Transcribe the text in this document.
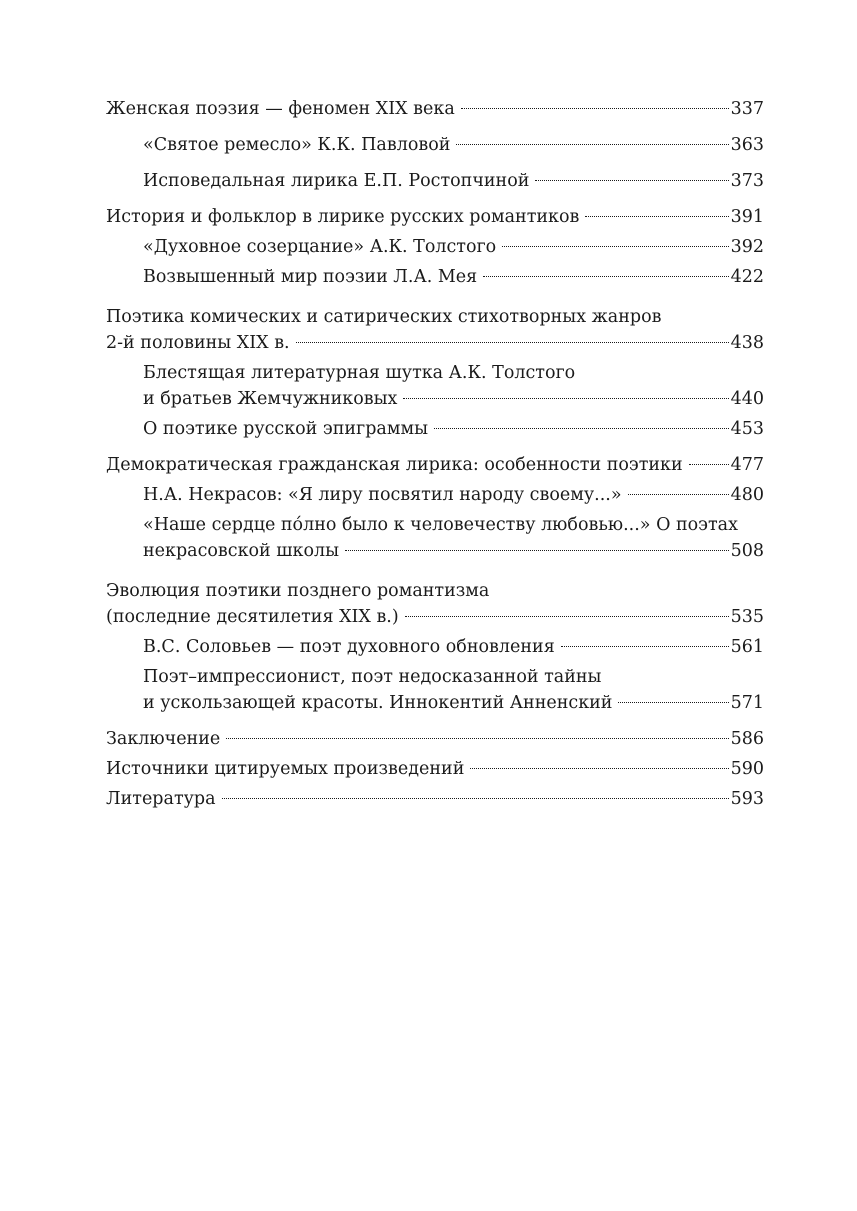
Женская поэзия — феномен XIX века	337
«Святое ремесло» К.К. Павловой	363
Исповедальная лирика Е.П. Ростопчиной	373
История и фольклор в лирике русских романтиков	391
«Духовное созерцание» А.К. Толстого	392
Возвышенный мир поэзии Л.А. Мея	422
Поэтика комических и сатирических стихотворных жанров
2-й половины XIX в.	438
Блестящая литературная шутка А.К. Толстого
и братьев Жемчужниковых	440
О поэтике русской эпиграммы	453
Демократическая гражданская лирика: особенности поэтики	477
Н.А. Некрасов: «Я лиру посвятил народу своему...»	480
«Наше сердце по́лно было к человечеству любовью...» О поэтах
некрасовской школы	508
Эволюция поэтики позднего романтизма
(последние десятилетия XIX в.)	535
В.С. Соловьев — поэт духовного обновления	561
Поэт–импрессионист, поэт недосказанной тайны
и ускользающей красоты. Иннокентий Анненский	571
Заключение	586
Источники цитируемых произведений	590
Литература	593
